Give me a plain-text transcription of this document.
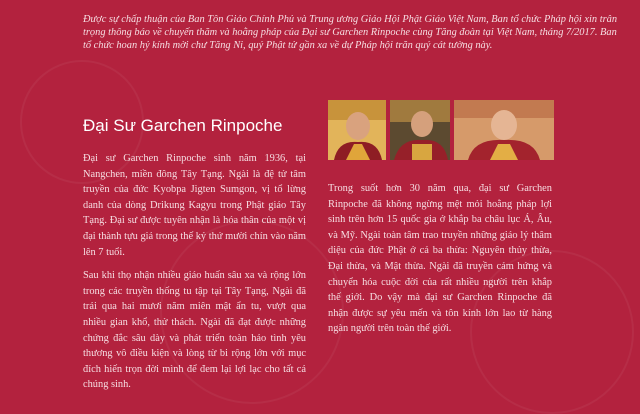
Được sự chấp thuận của Ban Tôn Giáo Chính Phủ và Trung ương Giáo Hội Phật Giáo Việt Nam, Ban tổ chức Pháp hội xin trân trọng thông báo về chuyến thăm và hoằng pháp của Đại sư Garchen Rinpoche cùng Tăng đoàn tại Việt Nam, tháng 7/2017. Ban tổ chức hoan hỷ kính mời chư Tăng Ni, quý Phật tử gần xa về dự Pháp hội trăn quý cát tường này.
Đại Sư Garchen Rinpoche

Đại sư Garchen Rinpoche sinh năm 1936, tại Nangchen, miền đông Tây Tạng. Ngài là đệ tử tâm truyền của đức Kyobpa Jigten Sumgon, vị tổ lừng danh của dòng Drikung Kagyu trong Phật giáo Tây Tạng. Đại sư được tuyên nhận là hóa thân của một vị đại thành tựu giả trong thế kỷ thứ mười chín vào năm lên 7 tuổi.

Sau khi thọ nhận nhiều giáo huấn sâu xa và rộng lớn trong các truyền thống tu tập tại Tây Tạng, Ngài đã trải qua hai mươi năm miên mật ẩn tu, vượt qua nhiều gian khổ, thử thách. Ngài đã đạt được những chứng đắc sâu dày và phát triển toàn hảo tình yêu thương vô điều kiện và lòng từ bi rộng lớn với mục đích hiến trọn đời mình để đem lại lợi lạc cho tất cả chúng sinh.

Trong suốt hơn 30 năm qua, đại sư Garchen Rinpoche đã không ngừng mệt mỏi hoằng pháp lợi sinh trên hơn 15 quốc gia ở khắp ba châu lục Á, Âu, và Mỹ. Ngài toàn tâm trao truyền những giáo lý thâm diệu của đức Phật ở cả ba thừa: Nguyên thủy thừa, Đại thừa, và Mật thừa. Ngài đã truyền cảm hứng và chuyển hóa cuộc đời của rất nhiều người trên khắp thế giới. Do vậy mà đại sư Garchen Rinpoche đã nhận được sự yêu mến và tôn kính lớn lao từ hàng ngàn người trên toàn thế giới.
